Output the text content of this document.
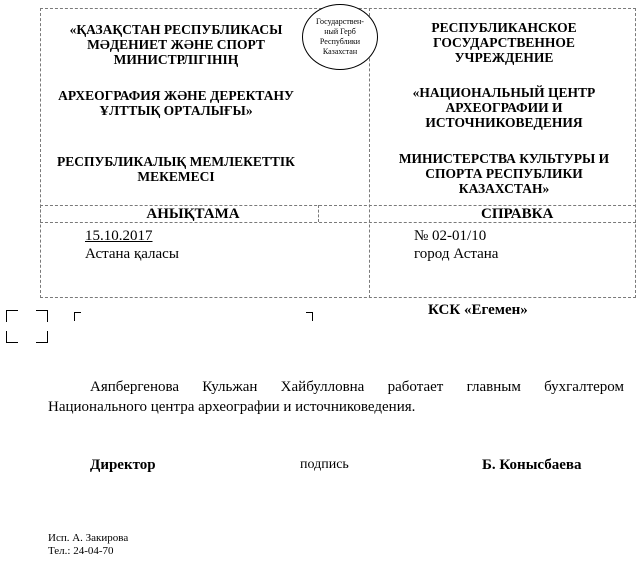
«ҚАЗАҚСТАН РЕСПУБЛИКАСЫ МӘДЕНИЕТ ЖӘНЕ СПОРТ МИНИСТРЛІГІНІҢ
АРХЕОГРАФИЯ ЖӘНЕ ДЕРЕКТАНУ ҰЛТТЫҚ ОРТАЛЫҒЫ»
РЕСПУБЛИКАЛЫҚ МЕМЛЕКЕТТІК МЕКЕМЕСІ
Государствен-
ный Герб
Республики
Казахстан
РЕСПУБЛИКАНСКОЕ ГОСУДАРСТВЕННОЕ УЧРЕЖДЕНИЕ
«НАЦИОНАЛЬНЫЙ ЦЕНТР АРХЕОГРАФИИ И ИСТОЧНИКОВЕДЕНИЯ
МИНИСТЕРСТВА КУЛЬТУРЫ И СПОРТА РЕСПУБЛИКИ КАЗАХСТАН»
АНЫҚТАМА	СПРАВКА
15.10.2017
Астана қаласы
№ 02-01/10
город Астана
КСК «Егемен»
Аяпбергенова Кульжан Хайбулловна работает главным бухгалтером Национального центра археографии и источниковедения.
Директор	подпись	Б. Конысбаева
Исп. А. Закирова
Тел.: 24-04-70
